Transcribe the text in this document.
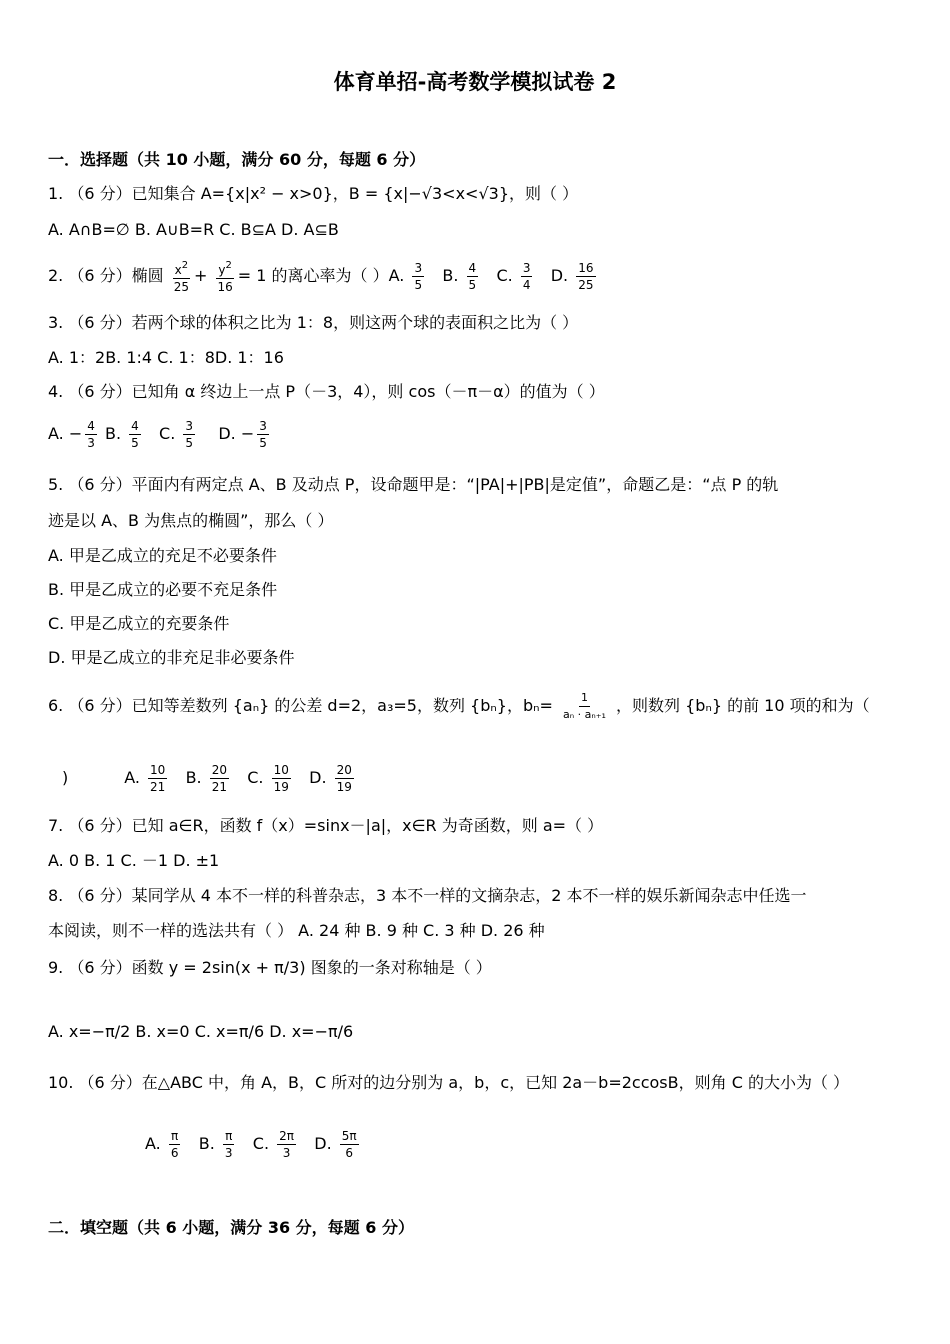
体育单招-高考数学模拟试卷 2
一．选择题（共 10 小题，满分 60 分，每题 6 分）
1. （6 分）已知集合 A={x|x² − x>0}，B = {x|−√3<x<√3}，则（ ）
A. A∩B=∅ B. A∪B=R C. B⊆A D. A⊆B
2. （6 分）椭圆 $\frac{x^2}{25} + \frac{y^2}{16} = 1$ 的离心率为（ ）A. $\frac{3}{5} B$. $\frac{4}{5} C$. $\frac{3}{4} D$. $\frac{16}{25}$
3. （6 分）若两个球的体积之比为 1：8，则这两个球的表面积之比为（ ）
A. 1：2B. 1:4 C. 1：8D. 1：16
4. （6 分）已知角 α 终边上一点 P（－3，4），则 cos（－π－α）的值为（ ）
A. − $\frac{4}{3} B$. $\frac{4}{5} C$. $\frac{3}{5} D$. − $\frac{3}{5}$
5. （6 分）平面内有两定点 A、B 及动点 P，设命题甲是：“|PA|+|PB|是定值”，命题乙是：“点 P 的轨
迹是以 A、B 为焦点的椭圆”，那么（ ）
A. 甲是乙成立的充足不必要条件
B. 甲是乙成立的必要不充足条件
C. 甲是乙成立的充要条件
D. 甲是乙成立的非充足非必要条件
6. （6 分）已知等差数列 {aₙ} 的公差 d=2，a₃=5，数列 {bₙ}，$b_n= \frac{1}{\text{aₙ · aₙ₊₁}}$ ，则数列 {bₙ} 的前 10 项的和为（
)           A. $\frac{10}{21} B$. $\frac{20}{21} C$. $\frac{10}{19} D$. $\frac{20}{19}$
7. （6 分）已知 a∈R，函数 f（x）=sinx－|a|，x∈R 为奇函数，则 a=（ ）
A. 0 B. 1 C. －1 D. ±1
8. （6 分）某同学从 4 本不一样的科普杂志，3 本不一样的文摘杂志，2 本不一样的娱乐新闻杂志中任选一
本阅读，则不一样的选法共有（ ） A. 24 种 B. 9 种 C. 3 种 D. 26 种
9. （6 分）函数 y = 2sin(x + π/3) 图象的一条对称轴是（ ）
A. x=−π/2 B. x=0 C. x=π/6 D. x=−π/6
10. （6 分）在△ABC 中，角 A，B，C 所对的边分别为 a，b，c，已知 2a－b=2ccosB，则角 C 的大小为（ ）
A. $\frac{\pi}{6} B$. $\frac{\pi}{3} C$. $\frac{2\pi}{3} D$. $\frac{5\pi}{6}$
二．填空题（共 6 小题，满分 36 分，每题 6 分）
